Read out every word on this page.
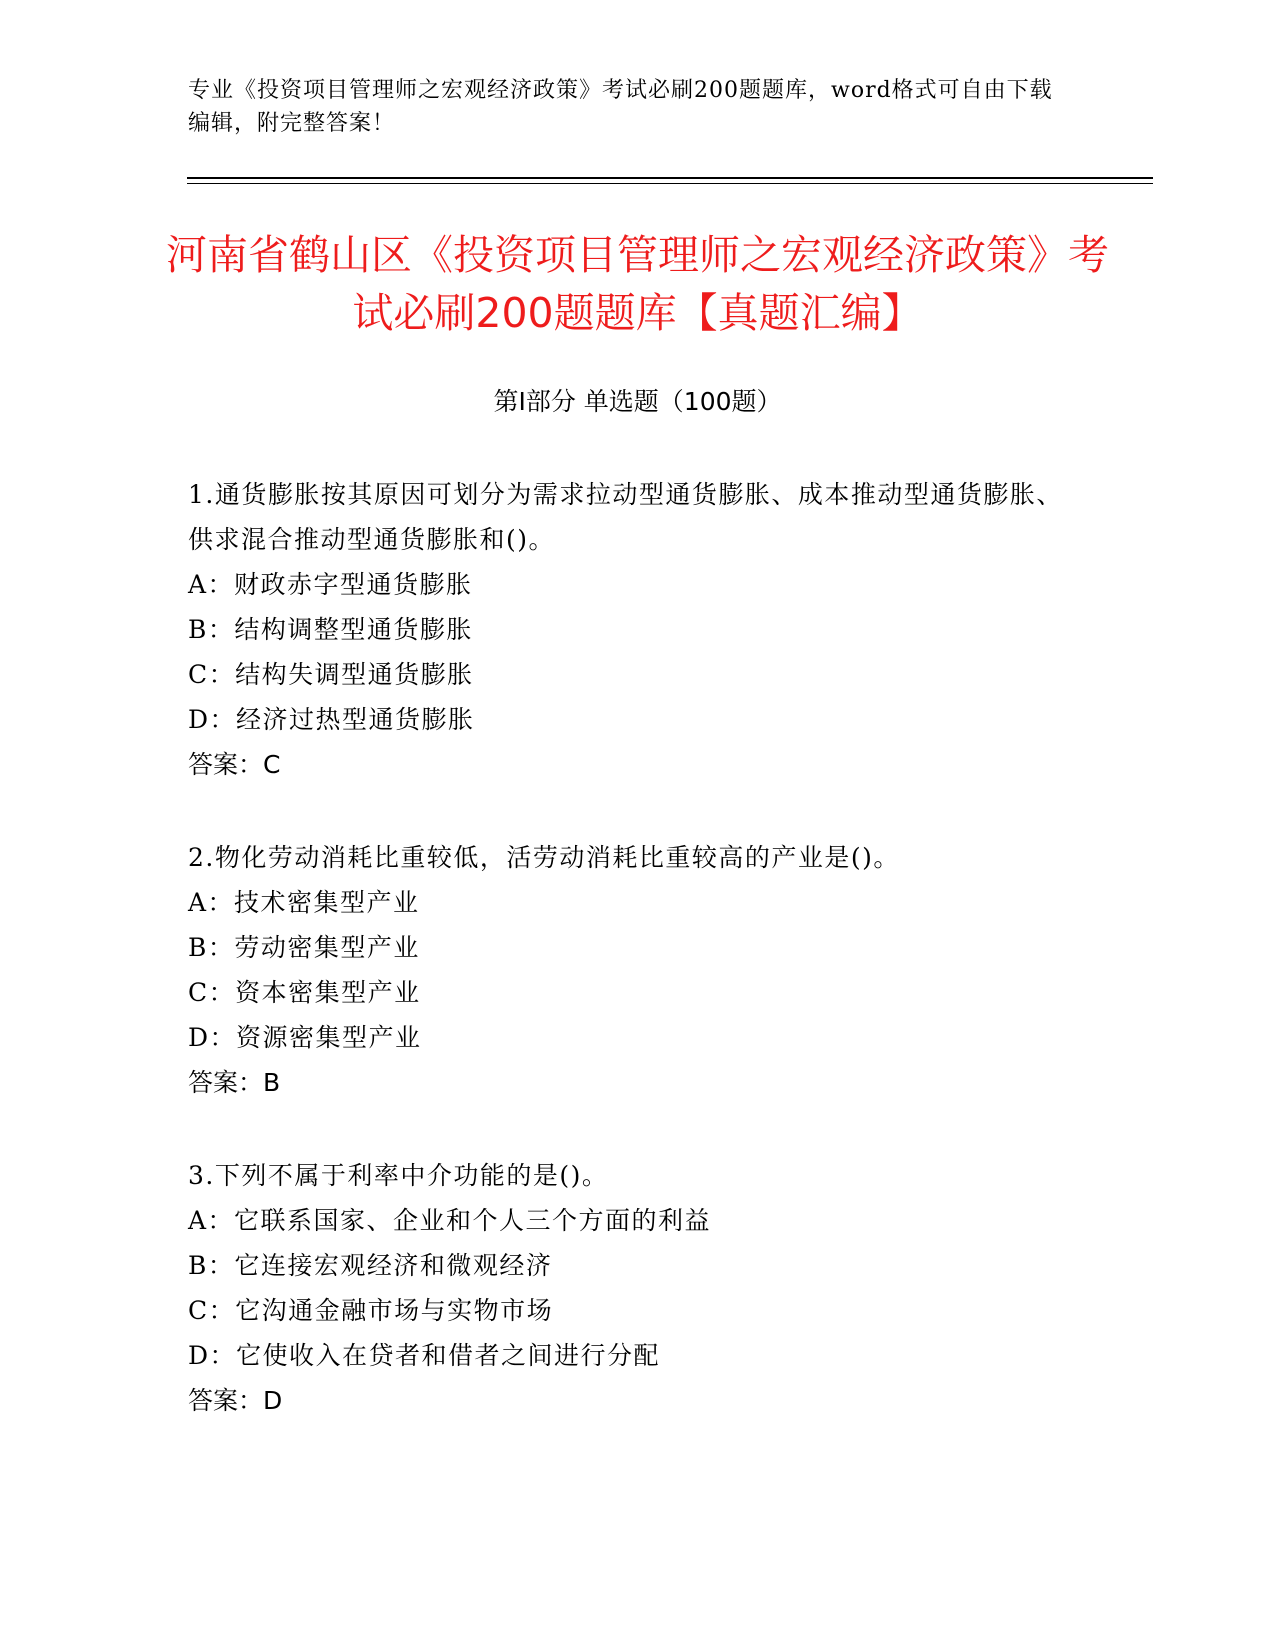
专业《投资项目管理师之宏观经济政策》考试必刷200题题库，word格式可自由下载编辑，附完整答案！
河南省鹤山区《投资项目管理师之宏观经济政策》考试必刷200题题库【真题汇编】
第Ⅰ部分 单选题（100题）
1.通货膨胀按其原因可划分为需求拉动型通货膨胀、成本推动型通货膨胀、供求混合推动型通货膨胀和()。
A：财政赤字型通货膨胀
B：结构调整型通货膨胀
C：结构失调型通货膨胀
D：经济过热型通货膨胀
答案：C
2.物化劳动消耗比重较低，活劳动消耗比重较高的产业是()。
A：技术密集型产业
B：劳动密集型产业
C：资本密集型产业
D：资源密集型产业
答案：B
3.下列不属于利率中介功能的是()。
A：它联系国家、企业和个人三个方面的利益
B：它连接宏观经济和微观经济
C：它沟通金融市场与实物市场
D：它使收入在贷者和借者之间进行分配
答案：D
